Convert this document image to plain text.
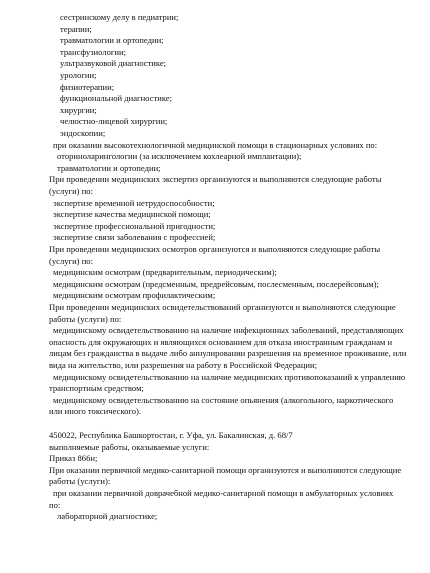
сестринскому делу в педиатрии;
терапии;
травматологии и ортопедии;
трансфузиологии;
ультразвуковой диагностике;
урологии;
физиотерапии;
функциональной диагностике;
хирургии;
челюстно-лицевой хирургии;
эндоскопии;
при оказании высокотехнологичной медицинской помощи в стационарных условиях по:
оториноларингологии (за исключением кохлеарной имплантации);
травматологии и ортопедии;
При проведении медицинских экспертиз организуются и выполняются следующие работы
(услуги) по:
экспертизе временной нетрудоспособности;
экспертизе качества медицинской помощи;
экспертизе профессиональной пригодности;
экспертизе связи заболевания с профессией;
При проведении медицинских осмотров организуются и выполняются следующие работы
(услуги) по:
медицинским осмотрам (предварительным, периодическим);
медицинским осмотрам (предсменным, предрейсовым, послесменным, послерейсовым);
медицинским осмотрам профилактическим;
При проведении медицинских освидетельствований организуются и выполняются следующие
работы (услуги) по:
медицинскому освидетельствованию на наличие инфекционных заболеваний, представляющих
опасность для окружающих и являющихся основанием для отказа иностранным гражданам и
лицам без гражданства в выдаче либо аннулировании разрешения на временное проживание, или
вида на жительство, или разрешения на работу в Российской Федерации;
медицинскому освидетельствованию на наличие медицинских противопоказаний к управлению
транспортным средством;
медицинскому освидетельствованию на состояние опьянения (алкогольного, наркотического
или иного токсического).
450022, Республика Башкортостан, г. Уфа, ул. Бакалинская, д. 68/7
выполняемые работы, оказываемые услуги:
Приказ 866н;
При оказании первичной медико-санитарной помощи организуются и выполняются следующие
работы (услуги):
при оказании первичной доврачебной медико-санитарной помощи в амбулаторных условиях
по:
лабораторной диагностике;
